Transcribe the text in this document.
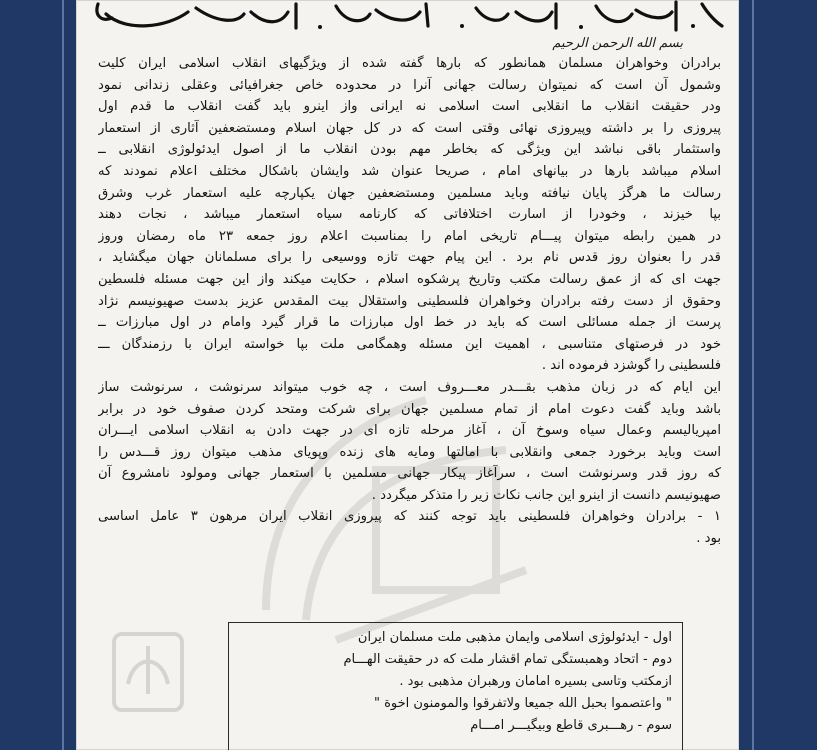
بسم الله الرحمن الرحیم
برادران وخواهران مسلمان همانطور که بارها گفته شده از ویژگیهای انقلاب اسلامی ایران کلیت
وشمول آن است که نمیتوان رسالت جهانی آنرا در محدوده خاص جغرافیائی وعقلی زندانی نمود
ودر حقیقت انقلاب ما انقلابی است اسلامی نه ایرانی واز اینرو باید گفت انقلاب ما قدم اول
پیروزی را بر داشته وپیروزی نهائی وقتی است که در کل جهان اسلام ومستضعفین آثاری از استعمار
واستثمار باقی نباشد این ویژگی که بخاطر مهم بودن انقلاب ما از اصول ایدئولوژی انقلابی ــ
اسلام میباشد بارها در بیانهای امام ، صریحا عنوان شد وایشان باشکال مختلف اعلام نمودند که
رسالت ما هرگز پایان نیافته وباید مسلمین ومستضعفین جهان یکپارچه علیه استعمار غرب وشرق
بپا خیزند ، وخودرا از اسارت اختلافاتی که کارنامه سیاه استعمار میباشد ، نجات دهند
در همین رابطه میتوان پیـــام تاریخی امام را بمناسبت اعلام روز جمعه ۲۳ ماه رمضان وروز
قدر را بعنوان روز قدس نام برد . این پیام جهت تازه ووسیعی را برای مسلمانان جهان میگشاید ،
جهت ای که از عمق رسالت مکتب وتاریخ پرشکوه اسلام ، حکایت میکند واز این جهت مسئله فلسطین
وحقوق از دست رفته برادران وخواهران فلسطینی واستقلال بیت المقدس عزیز بدست صهیونیسم نژاد
پرست از جمله مسائلی است که باید در خط اول مبارزات ما قرار گیرد وامام در اول مبارزات ــ
خود در فرصتهای متناسبی ، اهمیت این مسئله وهمگامی ملت بپا خواسته ایران با رزمندگان ـــ
فلسطینی را گوشزد فرموده اند .
این ایام که در زبان مذهب بقـــدر معـــروف است ، چه خوب میتواند سرنوشت ، سرنوشت ساز
باشد وباید گفت دعوت امام از تمام مسلمین جهان برای شرکت ومتحد کردن صفوف خود در برابر
امپریالیسم وعمال سیاه وسوخ آن ، آغاز مرحله تازه ای در جهت دادن به انقلاب اسلامی ایـــران
است وباید برخورد جمعی وانقلابی با امالتها ومایه های زنده وپویای مذهب میتوان روز قـــدس را
که روز قدر وسرنوشت است ، سرآغاز پیکار جهانی مسلمین با استعمار جهانی ومولود نامشروع آن
صهیونیسم دانست از اینرو این جانب نکات زیر را متذکر میگردد .
۱ - برادران وخواهران فلسطینی باید توجه کنند که پیروزی انقلاب ایران مرهون ۳ عامل اساسی
بود .
اول - ایدئولوژی اسلامی وایمان مذهبی ملت مسلمان ایران
دوم - اتحاد وهمبستگی تمام اقشار ملت که در حقیقت الهـــام
ازمکتب وتاسی بسیره امامان ورهبران مذهبی بود .
" واعتصموا بحبل الله جمیعا ولاتفرقوا والمومنون اخوة "
سوم - رهـــبری قاطع وبیگیـــر امـــام
